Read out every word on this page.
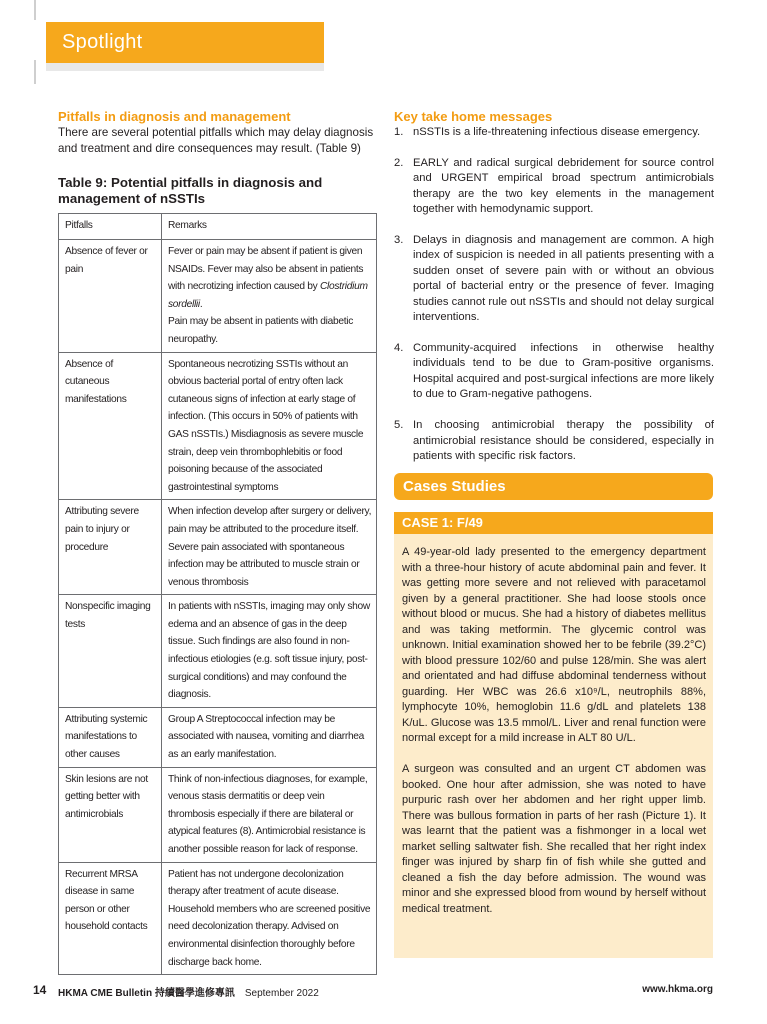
Spotlight
Pitfalls in diagnosis and management

There are several potential pitfalls which may delay diagnosis and treatment and dire consequences may result. (Table 9)

Table 9: Potential pitfalls in diagnosis and management of nSSTIs
Pitfalls	Remarks
Absence of fever or pain	Fever or pain may be absent if patient is given NSAIDs. Fever may also be absent in patients with necrotizing infection caused by Clostridium sordellii.
Pain may be absent in patients with diabetic neuropathy.
Absence of cutaneous manifestations	Spontaneous necrotizing SSTIs without an obvious bacterial portal of entry often lack cutaneous signs of infection at early stage of infection. (This occurs in 50% of patients with GAS nSSTIs.) Misdiagnosis as severe muscle strain, deep vein thrombophlebitis or food poisoning because of the associated gastrointestinal symptoms
Attributing severe pain to injury or procedure	When infection develop after surgery or delivery, pain may be attributed to the procedure itself. Severe pain associated with spontaneous infection may be attributed to muscle strain or venous thrombosis
Nonspecific imaging tests	In patients with nSSTIs, imaging may only show edema and an absence of gas in the deep tissue. Such findings are also found in non-infectious etiologies (e.g. soft tissue injury, post-surgical conditions) and may confound the diagnosis.
Attributing systemic manifestations to other causes	Group A Streptococcal infection may be associated with nausea, vomiting and diarrhea as an early manifestation.
Skin lesions are not getting better with antimicrobials	Think of non-infectious diagnoses, for example, venous stasis dermatitis or deep vein thrombosis especially if there are bilateral or atypical features (8). Antimicrobial resistance is another possible reason for lack of response.
Recurrent MRSA disease in same person or other household contacts	Patient has not undergone decolonization therapy after treatment of acute disease. Household members who are screened positive need decolonization therapy. Advised on environmental disinfection thoroughly before discharge back home.
Key take home messages
1. nSSTIs is a life-threatening infectious disease emergency.
2. EARLY and radical surgical debridement for source control and URGENT empirical broad spectrum antimicrobials therapy are the two key elements in the management together with hemodynamic support.
3. Delays in diagnosis and management are common. A high index of suspicion is needed in all patients presenting with a sudden onset of severe pain with or without an obvious portal of bacterial entry or the presence of fever. Imaging studies cannot rule out nSSTIs and should not delay surgical interventions.
4. Community-acquired infections in otherwise healthy individuals tend to be due to Gram-positive organisms. Hospital acquired and post-surgical infections are more likely to due to Gram-negative pathogens.
5. In choosing antimicrobial therapy the possibility of antimicrobial resistance should be considered, especially in patients with specific risk factors.
Cases Studies
CASE 1: F/49

A 49-year-old lady presented to the emergency department with a three-hour history of acute abdominal pain and fever. It was getting more severe and not relieved with paracetamol given by a general practitioner. She had loose stools once without blood or mucus. She had a history of diabetes mellitus and was taking metformin. The glycemic control was unknown. Initial examination showed her to be febrile (39.2°C) with blood pressure 102/60 and pulse 128/min. She was alert and orientated and had diffuse abdominal tenderness without guarding. Her WBC was 26.6 x10⁹/L, neutrophils 88%, lymphocyte 10%, hemoglobin 11.6 g/dL and platelets 138 K/uL. Glucose was 13.5 mmol/L. Liver and renal function were normal except for a mild increase in ALT 80 U/L.

A surgeon was consulted and an urgent CT abdomen was booked. One hour after admission, she was noted to have purpuric rash over her abdomen and her right upper limb. There was bullous formation in parts of her rash (Picture 1). It was learnt that the patient was a fishmonger in a local wet market selling saltwater fish. She recalled that her right index finger was injured by sharp fin of fish while she gutted and cleaned a fish the day before admission. The wound was minor and she expressed blood from wound by herself without medical treatment.

14 HKMA CME Bulletin 持續醫學進修專訊 September 2022	www.hkma.org
